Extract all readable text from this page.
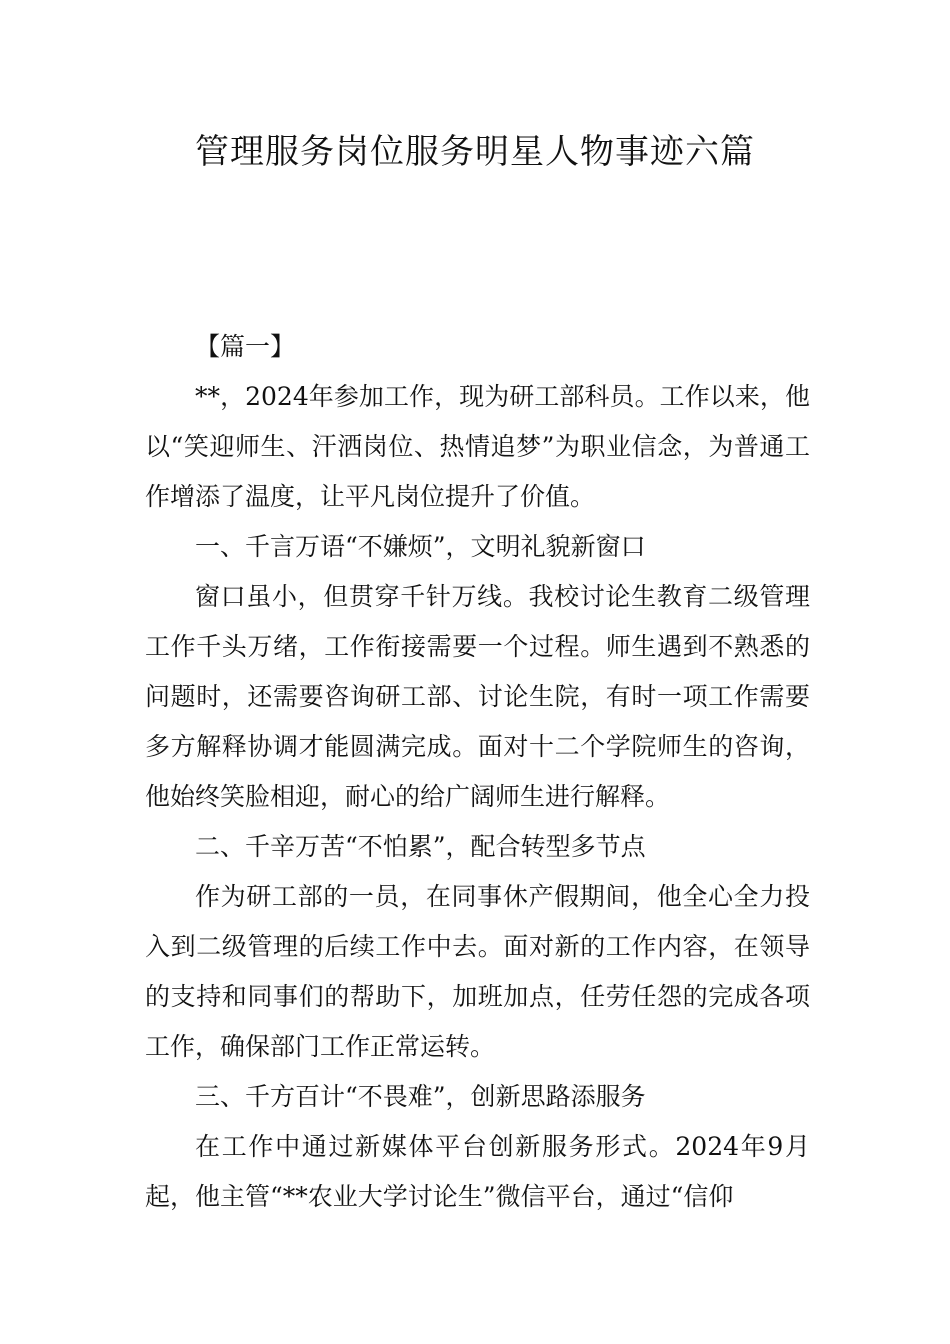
管理服务岗位服务明星人物事迹六篇

【篇一】

**，2024年参加工作，现为研工部科员。工作以来，他以“笑迎师生、汗洒岗位、热情追梦”为职业信念，为普通工作增添了温度，让平凡岗位提升了价值。

一、千言万语“不嫌烦”，文明礼貌新窗口

窗口虽小，但贯穿千针万线。我校讨论生教育二级管理工作千头万绪，工作衔接需要一个过程。师生遇到不熟悉的问题时，还需要咨询研工部、讨论生院，有时一项工作需要多方解释协调才能圆满完成。面对十二个学院师生的咨询，他始终笑脸相迎，耐心的给广阔师生进行解释。

二、千辛万苦“不怕累”，配合转型多节点

作为研工部的一员，在同事休产假期间，他全心全力投入到二级管理的后续工作中去。面对新的工作内容，在领导的支持和同事们的帮助下，加班加点，任劳任怨的完成各项工作，确保部门工作正常运转。

三、千方百计“不畏难”，创新思路添服务

在工作中通过新媒体平台创新服务形式。2024年9月起，他主管“**农业大学讨论生”微信平台，通过“信仰
